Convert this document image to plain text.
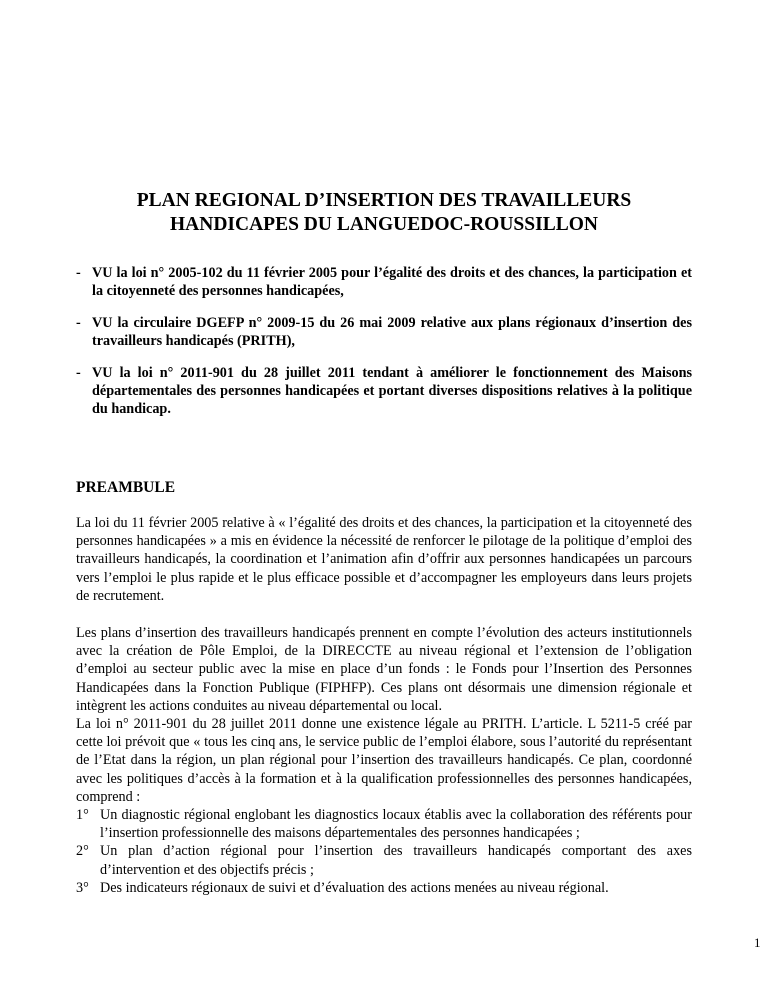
PLAN REGIONAL D’INSERTION DES TRAVAILLEURS
HANDICAPES DU LANGUEDOC-ROUSSILLON
- VU la loi n° 2005-102 du 11 février 2005 pour l’égalité des droits et des chances, la participation et la citoyenneté des personnes handicapées,
- VU la circulaire DGEFP n° 2009-15 du 26 mai 2009 relative aux plans régionaux d’insertion des travailleurs handicapés (PRITH),
- VU la loi n° 2011-901 du 28 juillet 2011 tendant à améliorer le fonctionnement des Maisons départementales des personnes handicapées et portant diverses dispositions relatives à la politique du handicap.
PREAMBULE

La loi du 11 février 2005 relative à « l’égalité des droits et des chances, la participation et la citoyenneté des personnes handicapées » a mis en évidence la nécessité de renforcer le pilotage de la politique d’emploi des travailleurs handicapés, la coordination et l’animation afin d’offrir aux personnes handicapées un parcours vers l’emploi le plus rapide et le plus efficace possible et d’accompagner les employeurs dans leurs projets de recrutement.

Les plans d’insertion des travailleurs handicapés prennent en compte l’évolution des acteurs institutionnels avec la création de Pôle Emploi, de la DIRECCTE au niveau régional et l’extension de l’obligation d’emploi au secteur public avec la mise en place d’un fonds : le Fonds pour l’Insertion des Personnes Handicapées dans la Fonction Publique (FIPHFP). Ces plans ont désormais une dimension régionale et intègrent les actions conduites au niveau départemental ou local.

La loi n° 2011-901 du 28 juillet 2011 donne une existence légale au PRITH. L’article. L 5211-5 créé par cette loi prévoit que « tous les cinq ans, le service public de l’emploi élabore, sous l’autorité du représentant de l’Etat dans la région, un plan régional pour l’insertion des travailleurs handicapés. Ce plan, coordonné avec les politiques d’accès à la formation et à la qualification professionnelles des personnes handicapées, comprend :

1° Un diagnostic régional englobant les diagnostics locaux établis avec la collaboration des référents pour l’insertion professionnelle des maisons départementales des personnes handicapées ;
2° Un plan d’action régional pour l’insertion des travailleurs handicapés comportant des axes d’intervention et des objectifs précis ;
3° Des indicateurs régionaux de suivi et d’évaluation des actions menées au niveau régional.
1
